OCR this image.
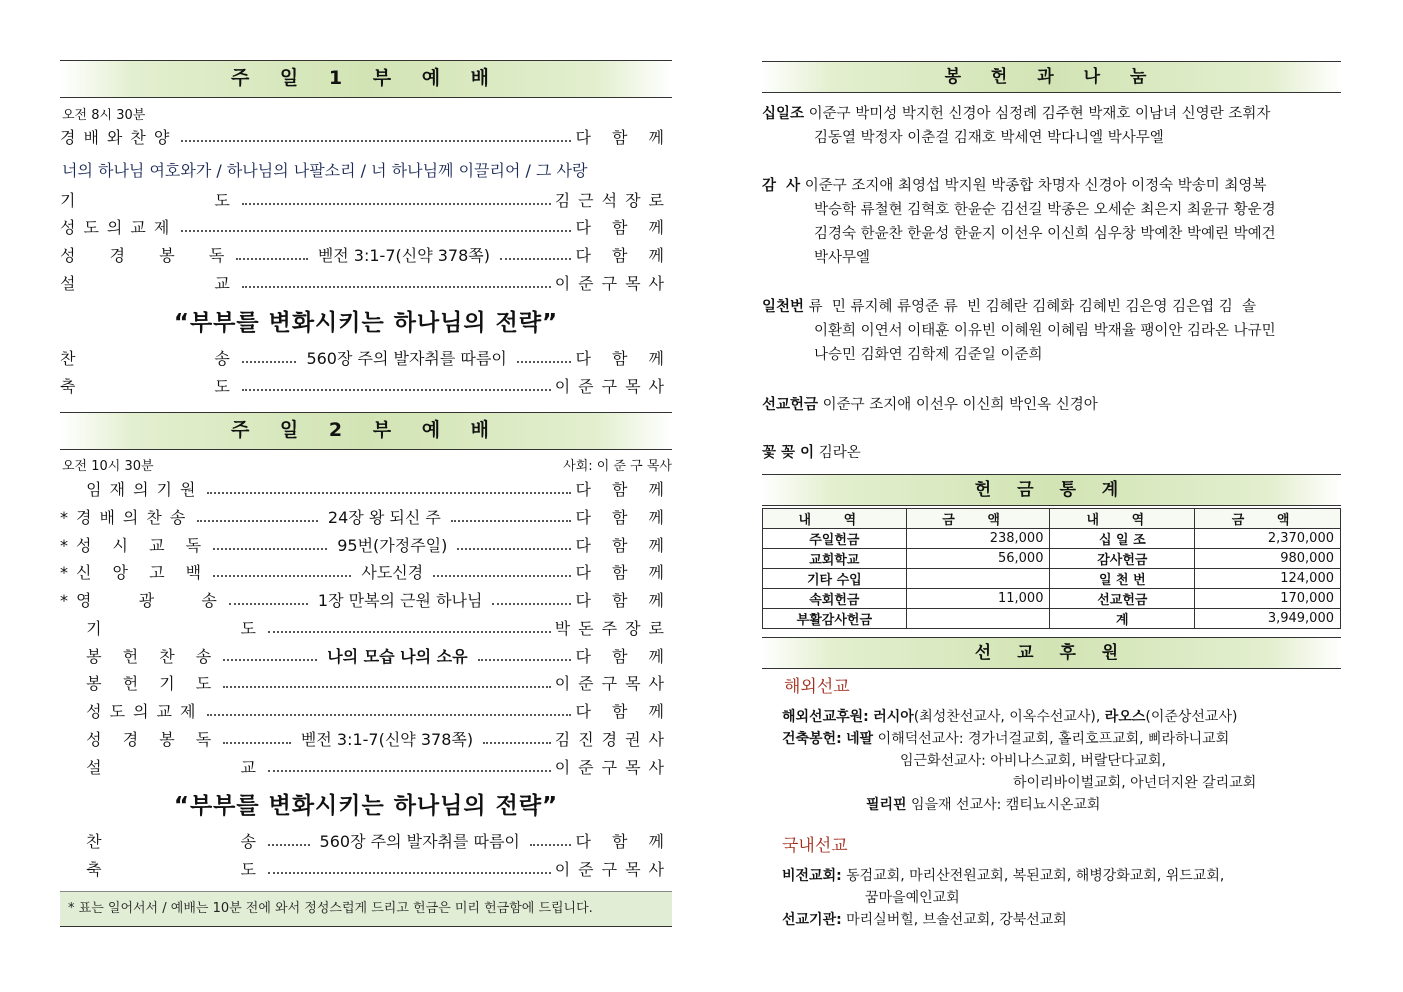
주 일 1 부 예 배
오전 8시 30분
경배와찬양	다 함 께
너의 하나님 여호와가 / 하나님의 나팔소리 / 너 하나님께 이끌리어 / 그 사랑
기          도	김근석장로
성도의교제	다 함 께
성  경  봉  독	벧전 3:1-7(신약 378쪽)	다 함 께
설          교	이준구목사
“부부를 변화시키는 하나님의 전략”
찬          송	560장 주의 발자취를 따름이	다 함 께
축          도	이준구목사
주 일 2 부 예 배
오전 10시 30분	사회: 이 준 구 목사
임재의기원	다 함 께
*경배의찬송	24장 왕 되신 주	다 함 께
*성 시 교 독	95번(가정주일)	다 함 께
*신 앙 고 백	사도신경	다 함 께
*영   광   송	1장 만복의 근원 하나님	다 함 께
기          도	박돈주장로
봉 헌 찬 송	나의 모습 나의 소유	다 함 께
봉 헌 기 도	이준구목사
성도의교제	다 함 께
성 경 봉 독	벧전 3:1-7(신약 378쪽)	김진경권사
설          교	이준구목사
“부부를 변화시키는 하나님의 전략”
찬          송	560장 주의 발자취를 따름이	다 함 께
축          도	이준구목사
* 표는 일어서서 / 예배는 10분 전에 와서 정성스럽게 드리고 헌금은 미리 헌금함에 드립니다.
봉 헌 과 나 눔
십일조 이준구 박미성 박지헌 신경아 심정례 김주현 박재호 이남녀 신영란 조휘자
김동열 박정자 이춘걸 김재호 박세연 박다니엘 박사무엘
감  사 이준구 조지애 최영섭 박지원 박종합 차명자 신경아 이정숙 박송미 최영복
박승학 류철현 김혁호 한윤순 김선길 박종은 오세순 최은지 최윤규 황운경
김경숙 한윤찬 한윤성 한윤지 이선우 이신희 심우창 박예찬 박예린 박예건
박사무엘
일천번 류  민 류지혜 류영준 류  빈 김혜란 김혜화 김혜빈 김은영 김은엽 김  솔
이환희 이연서 이태훈 이유빈 이혜원 이혜림 박재율 팽이안 김라온 나규민
나승민 김화연 김학제 김준일 이준희
선교헌금 이준구 조지애 이선우 이신희 박인옥 신경아
꽃 꽂 이 김라온
헌 금 통 계
내 역	금 액	내 역	금 액
주일헌금	238,000	십 일 조	2,370,000
교회학교	56,000	감사헌금	980,000
기타 수입		일 천 번	124,000
속회헌금	11,000	선교헌금	170,000
부활감사헌금		계	3,949,000
선 교 후 원
해외선교
해외선교후원: 러시아(최성찬선교사, 이옥수선교사), 라오스(이준상선교사)
건축봉헌: 네팔 이해덕선교사: 경가너걸교회, 홀리호프교회, 삐라하니교회
임근화선교사: 아비나스교회, 버랄단다교회,
하이리바이벌교회, 아넌더지완 갈리교회
필리핀 임을재 선교사: 캠티뇨시온교회
국내선교
비전교회: 동검교회, 마리산전원교회, 복된교회, 해병강화교회, 위드교회,
꿈마을예인교회
선교기관: 마리실버힐, 브솔선교회, 강북선교회
